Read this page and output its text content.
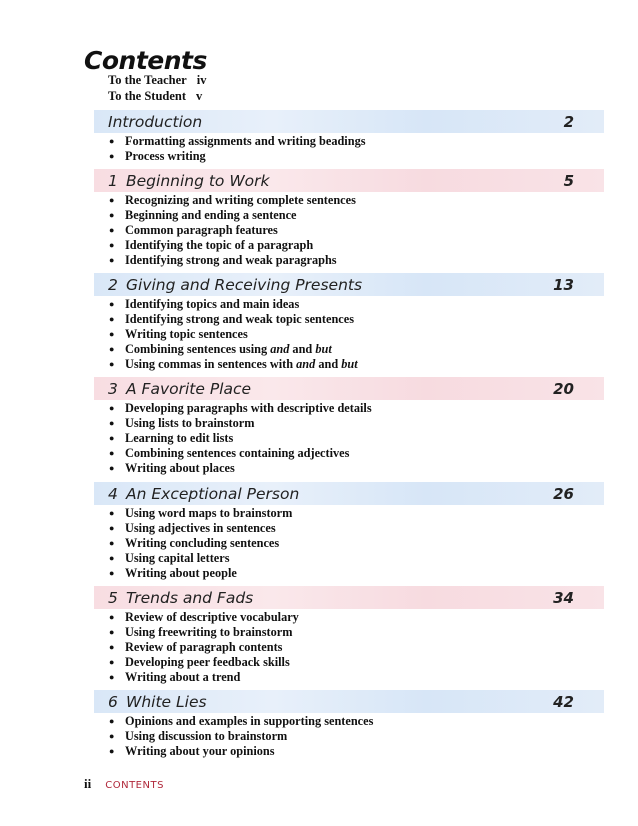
Contents
To the Teacher iv
To the Student v
Introduction	2
● Formatting assignments and writing beadings
● Process writing
1 Beginning to Work	5
● Recognizing and writing complete sentences
● Beginning and ending a sentence
● Common paragraph features
● Identifying the topic of a paragraph
● Identifying strong and weak paragraphs
2 Giving and Receiving Presents	13
● Identifying topics and main ideas
● Identifying strong and weak topic sentences
● Writing topic sentences
● Combining sentences using and and but
● Using commas in sentences with and and but
3 A Favorite Place	20
● Developing paragraphs with descriptive details
● Using lists to brainstorm
● Learning to edit lists
● Combining sentences containing adjectives
● Writing about places
4 An Exceptional Person	26
● Using word maps to brainstorm
● Using adjectives in sentences
● Writing concluding sentences
● Using capital letters
● Writing about people
5 Trends and Fads	34
● Review of descriptive vocabulary
● Using freewriting to brainstorm
● Review of paragraph contents
● Developing peer feedback skills
● Writing about a trend
6 White Lies	42
● Opinions and examples in supporting sentences
● Using discussion to brainstorm
● Writing about your opinions
ii CONTENTS
